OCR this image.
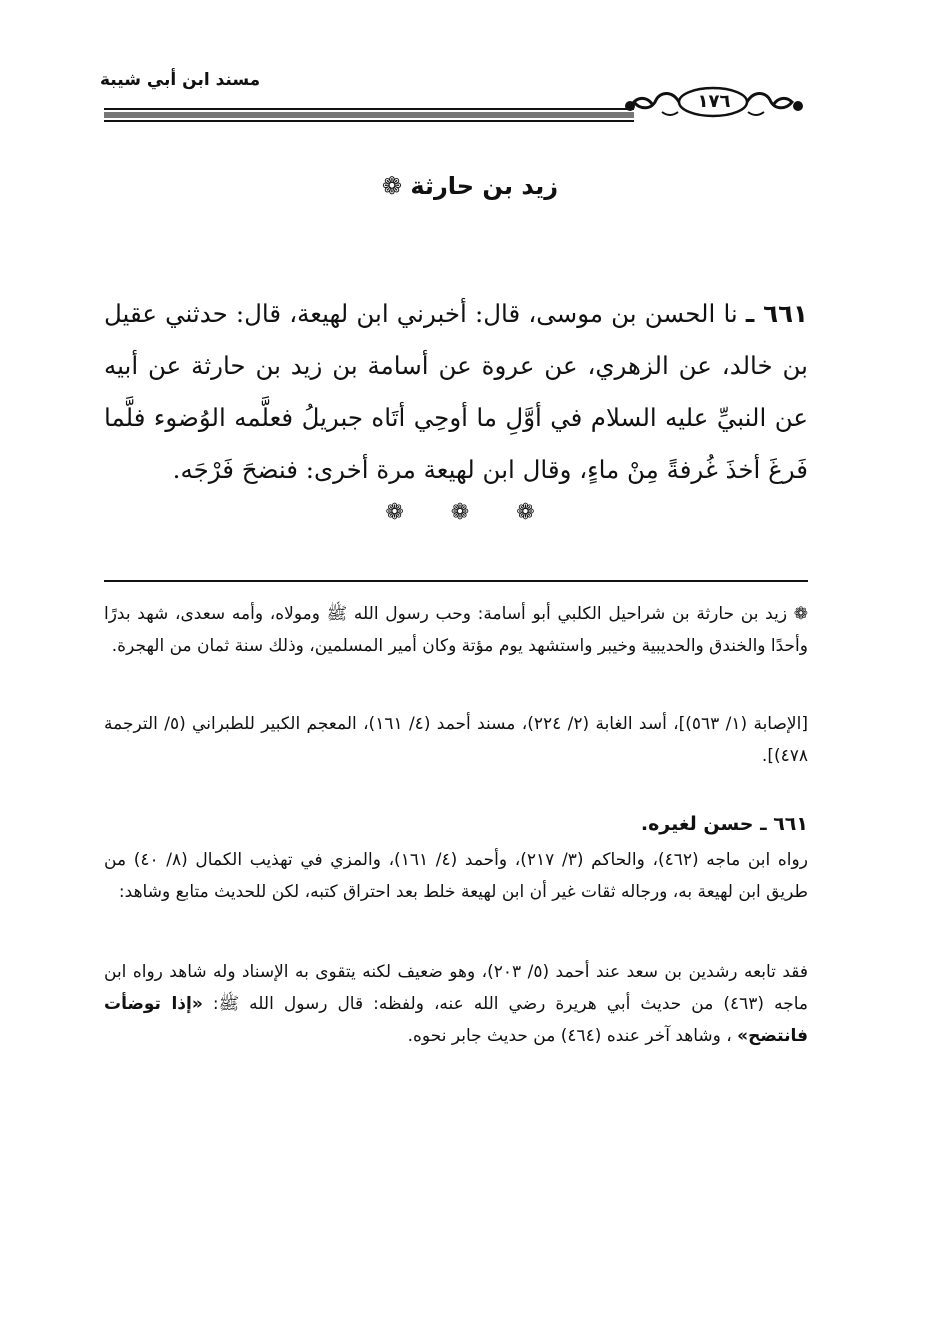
مسند ابن أبي شيبة
١٧٦
زيد بن حارثة ❁
٦٦١ ـ نا الحسن بن موسى، قال: أخبرني ابن لهيعة، قال: حدثني عقيل بن خالد، عن الزهري، عن عروة عن أسامة بن زيد بن حارثة عن أبيه عن النبيِّ عليه السلام في أوَّلِ ما أوحِي أتَاه جبريلُ فعلَّمه الوُضوء فلَّما فَرغَ أخذَ غُرفةً مِنْ ماءٍ، وقال ابن لهيعة مرة أخرى: فنضحَ فَرْجَه.
❁ ❁ ❁
❁ زيد بن حارثة بن شراحيل الكلبي أبو أسامة: وحب رسول الله ﷺ ومولاه، وأمه سعدى، شهد بدرًا وأحدًا والخندق والحديبية وخيبر واستشهد يوم مؤتة وكان أمير المسلمين، وذلك سنة ثمان من الهجرة.
[الإصابة (١/ ٥٦٣)]، أسد الغابة (٢/ ٢٢٤)، مسند أحمد (٤/ ١٦١)، المعجم الكبير للطبراني (٥/ الترجمة ٤٧٨)].
٦٦١ ـ حسن لغيره.
رواه ابن ماجه (٤٦٢)، والحاكم (٣/ ٢١٧)، وأحمد (٤/ ١٦١)، والمزي في تهذيب الكمال (٨/ ٤٠) من طريق ابن لهيعة به، ورجاله ثقات غير أن ابن لهيعة خلط بعد احتراق كتبه، لكن للحديث متابع وشاهد:
فقد تابعه رشدين بن سعد عند أحمد (٥/ ٢٠٣)، وهو ضعيف لكنه يتقوى به الإسناد وله شاهد رواه ابن ماجه (٤٦٣) من حديث أبي هريرة رضي الله عنه، ولفظه: قال رسول الله ﷺ: «إذا توضأت فانتضح» ، وشاهد آخر عنده (٤٦٤) من حديث جابر نحوه.
